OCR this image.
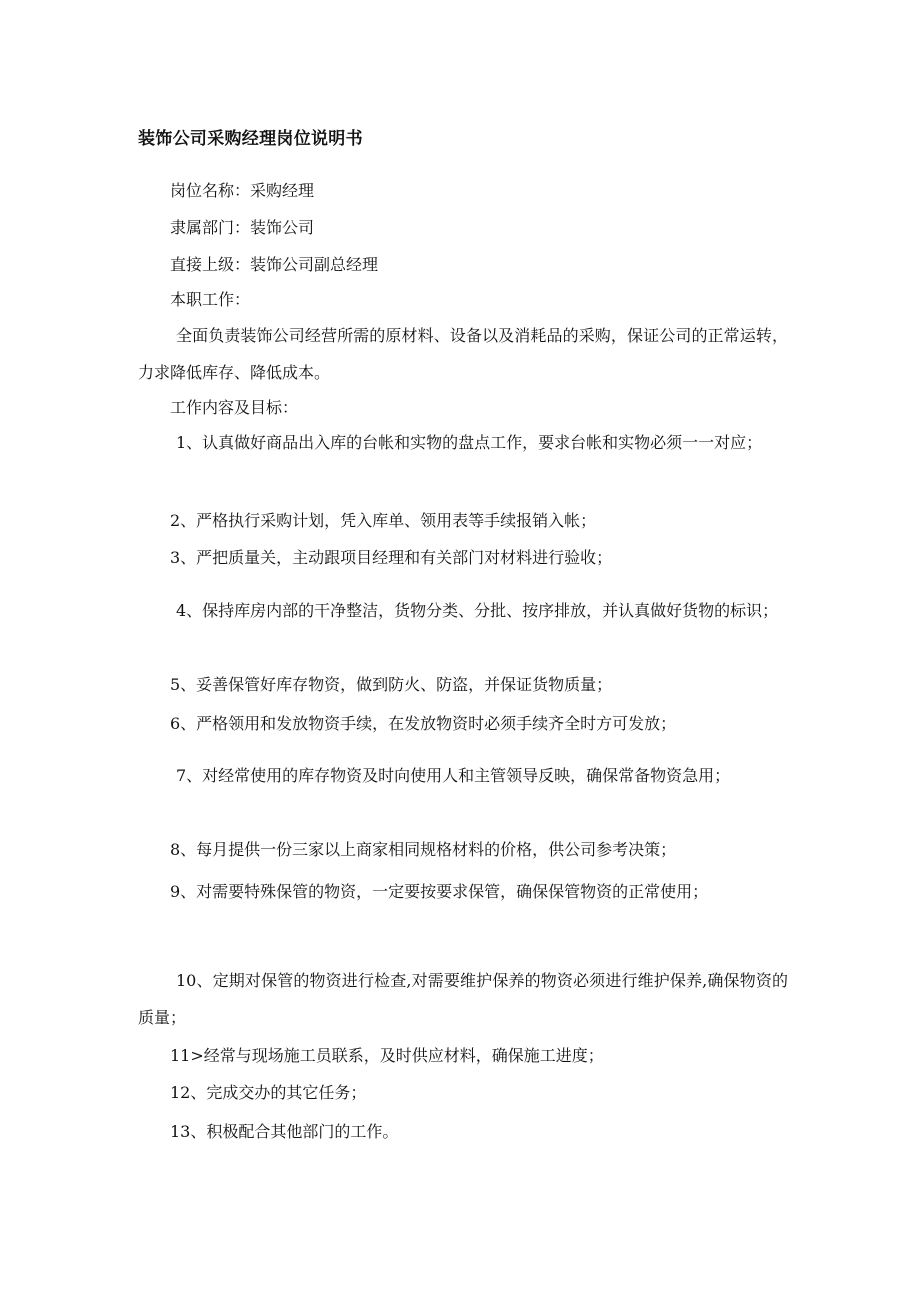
装饰公司采购经理岗位说明书

岗位名称：采购经理

隶属部门：装饰公司

直接上级：装饰公司副总经理

本职工作：

全面负责装饰公司经营所需的原材料、设备以及消耗品的采购，保证公司的正常运转，力求降低库存、降低成本。

工作内容及目标：

1、认真做好商品出入库的台帐和实物的盘点工作，要求台帐和实物必须一一对应；

2、严格执行采购计划，凭入库单、领用表等手续报销入帐；

3、严把质量关，主动跟项目经理和有关部门对材料进行验收；

4、保持库房内部的干净整洁，货物分类、分批、按序排放，并认真做好货物的标识；

5、妥善保管好库存物资，做到防火、防盗，并保证货物质量；

6、严格领用和发放物资手续，在发放物资时必须手续齐全时方可发放；

7、对经常使用的库存物资及时向使用人和主管领导反映，确保常备物资急用；

8、每月提供一份三家以上商家相同规格材料的价格，供公司参考决策；

9、对需要特殊保管的物资，一定要按要求保管，确保保管物资的正常使用；

10、定期对保管的物资进行检查,对需要维护保养的物资必须进行维护保养,确保物资的质量；

11>经常与现场施工员联系，及时供应材料，确保施工进度；

12、完成交办的其它任务；

13、积极配合其他部门的工作。
